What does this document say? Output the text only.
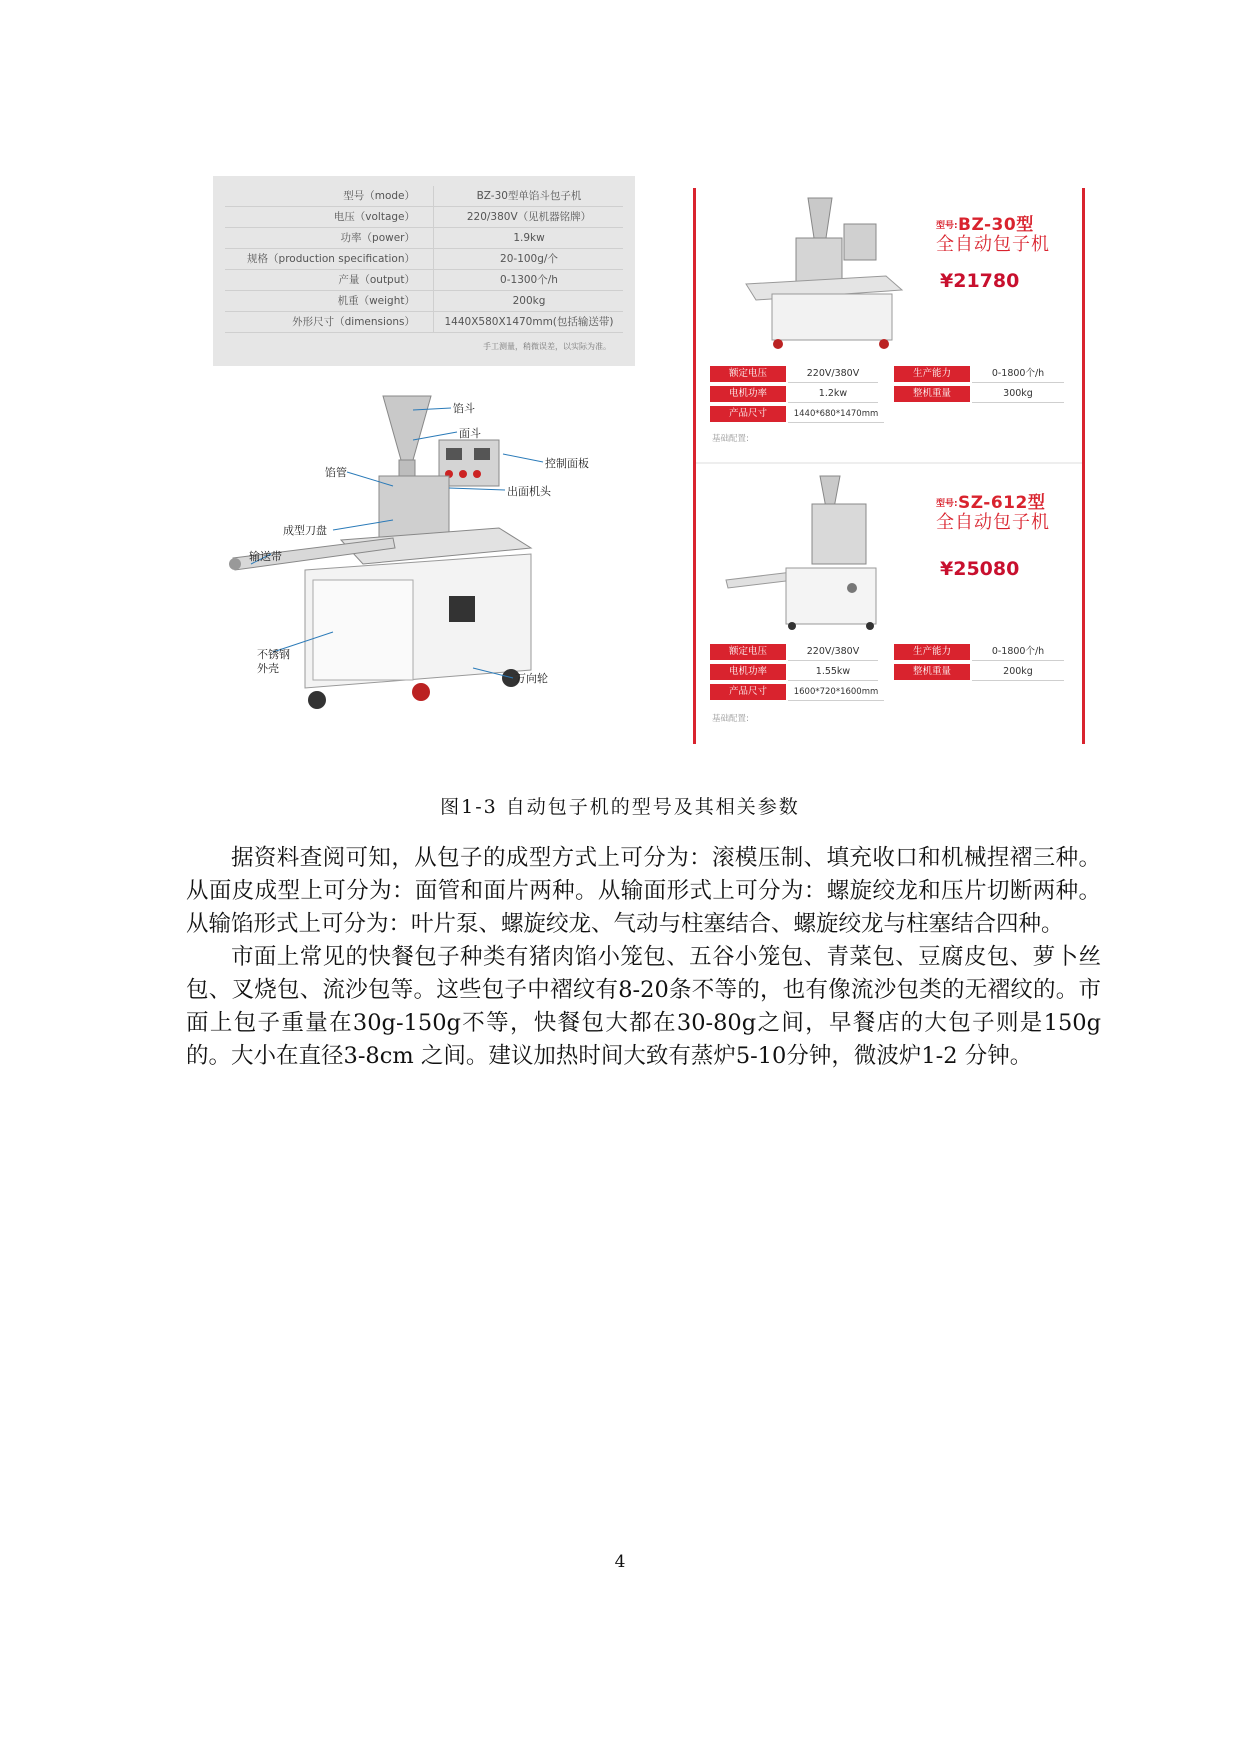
型号（mode）	BZ-30型单馅斗包子机
电压（voltage）	220/380V（见机器铭牌）
功率（power）	1.9kw
规格（production specification）	20-100g/个
产量（output）	0-1300个/h
机重（weight）	200kg
外形尺寸（dimensions）	1440X580X1470mm(包括输送带)
手工测量，稍微误差，以实际为准。
馅斗
面斗
馅管
控制面板
出面机头
成型刀盘
输送带
不锈钢
外壳
万向轮
型号: BZ-30型
全自动包子机
¥21780
额定电压	220V/380V	生产能力	0-1800个/h
电机功率	1.2kw	整机重量	300kg
产品尺寸	1440*680*1470mm
基础配置:
型号: SZ-612型
全自动包子机
¥25080
额定电压	220V/380V	生产能力	0-1800个/h
电机功率	1.55kw	整机重量	200kg
产品尺寸	1600*720*1600mm
基础配置:
图1-3 自动包子机的型号及其相关参数

据资料查阅可知，从包子的成型方式上可分为：滚模压制、填充收口和机械捏褶三种。从面皮成型上可分为：面管和面片两种。从输面形式上可分为：螺旋绞龙和压片切断两种。从输馅形式上可分为：叶片泵、螺旋绞龙、气动与柱塞结合、螺旋绞龙与柱塞结合四种。

市面上常见的快餐包子种类有猪肉馅小笼包、五谷小笼包、青菜包、豆腐皮包、萝卜丝包、叉烧包、流沙包等。这些包子中褶纹有8-20条不等的，也有像流沙包类的无褶纹的。市面上包子重量在30g-150g不等，快餐包大都在30-80g之间，早餐店的大包子则是150g的。大小在直径3-8cm 之间。建议加热时间大致有蒸炉5-10分钟，微波炉1-2 分钟。

4
